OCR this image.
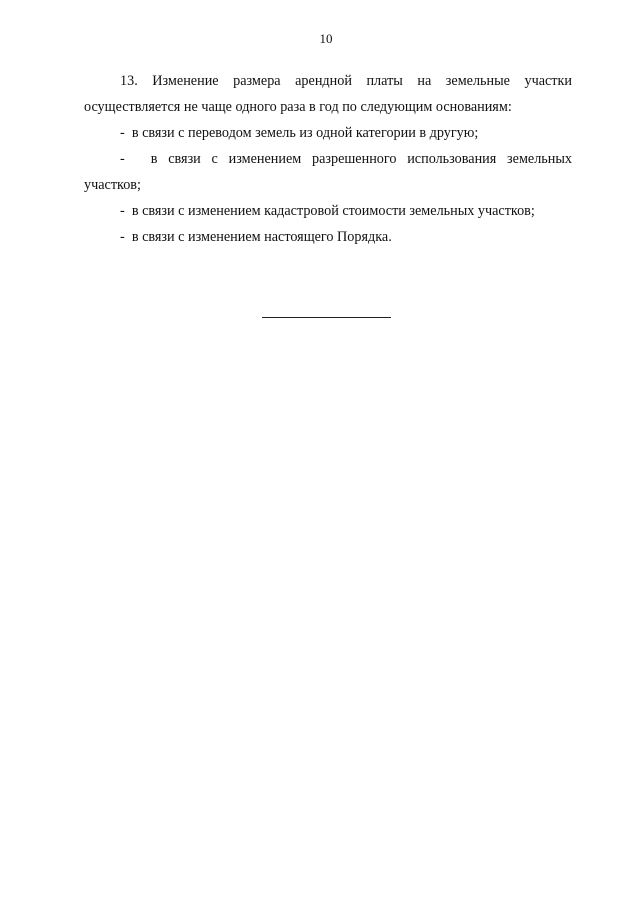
10
13. Изменение размера арендной платы на земельные участки
осуществляется не чаще одного раза в год по следующим основаниям:
-  в связи с переводом земель из одной категории в другую;
- в связи с изменением разрешенного использования земельных
участков;
-  в связи с изменением кадастровой стоимости земельных участков;
-  в связи с изменением настоящего Порядка.
